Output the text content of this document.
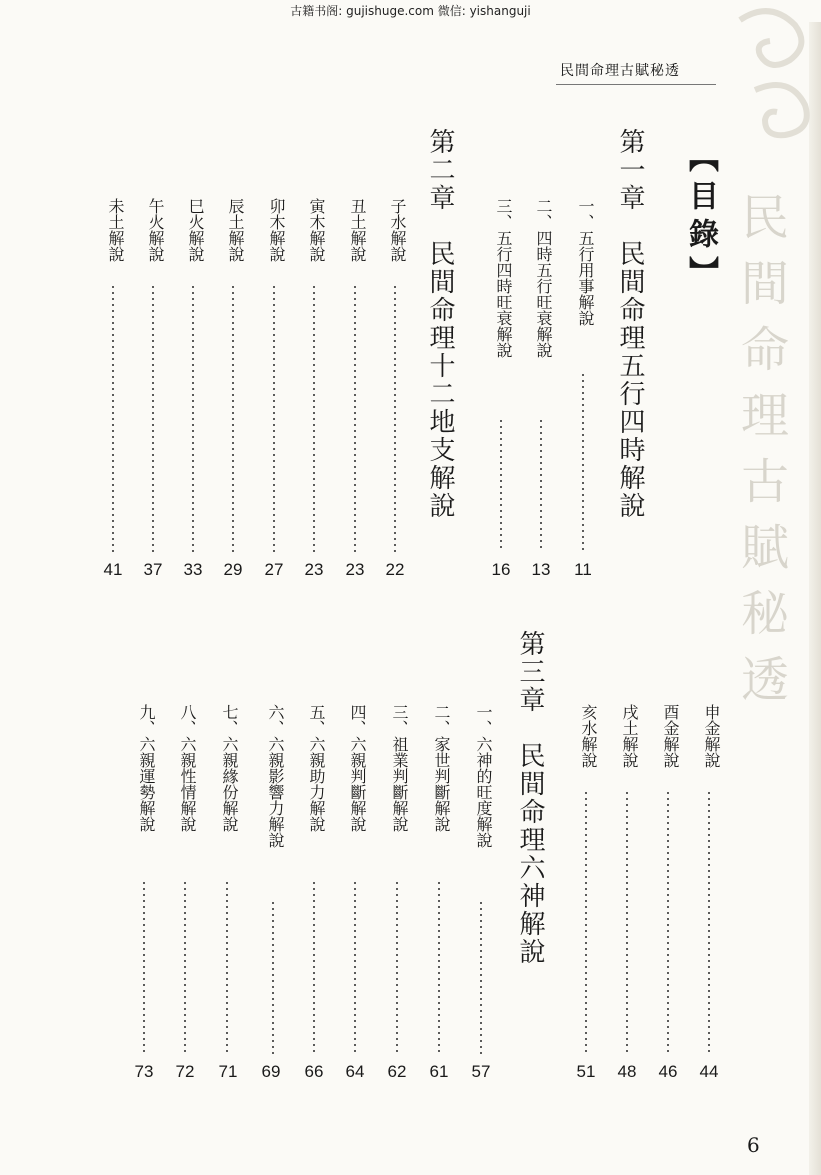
古籍书阁: gujishuge.com 微信: yishanguji
民間命理古賦秘透
民間命理古賦秘透
【目錄】
第一章　民間命理五行四時解說
第二章　民間命理十二地支解說	一、五行用事解說
11
二、四時五行旺衰解說
13
三、五行四時旺衰解說
16
子水解說
22
丑土解說
23
寅木解說
23
卯木解說
27
辰土解說
29
巳火解說
33
午火解說
37
未土解說
41
申金解說
44
酉金解說
46
戌土解說
48
亥水解說
51
第三章　民間命理六神解說
一、六神的旺度解說
57
二、家世判斷解說
61
三、祖業判斷解說
62
四、六親判斷解說
64
五、六親助力解說
66
六、六親影響力解說
69
七、六親緣份解說
71
八、六親性情解說
72
九、六親運勢解說
73
6
